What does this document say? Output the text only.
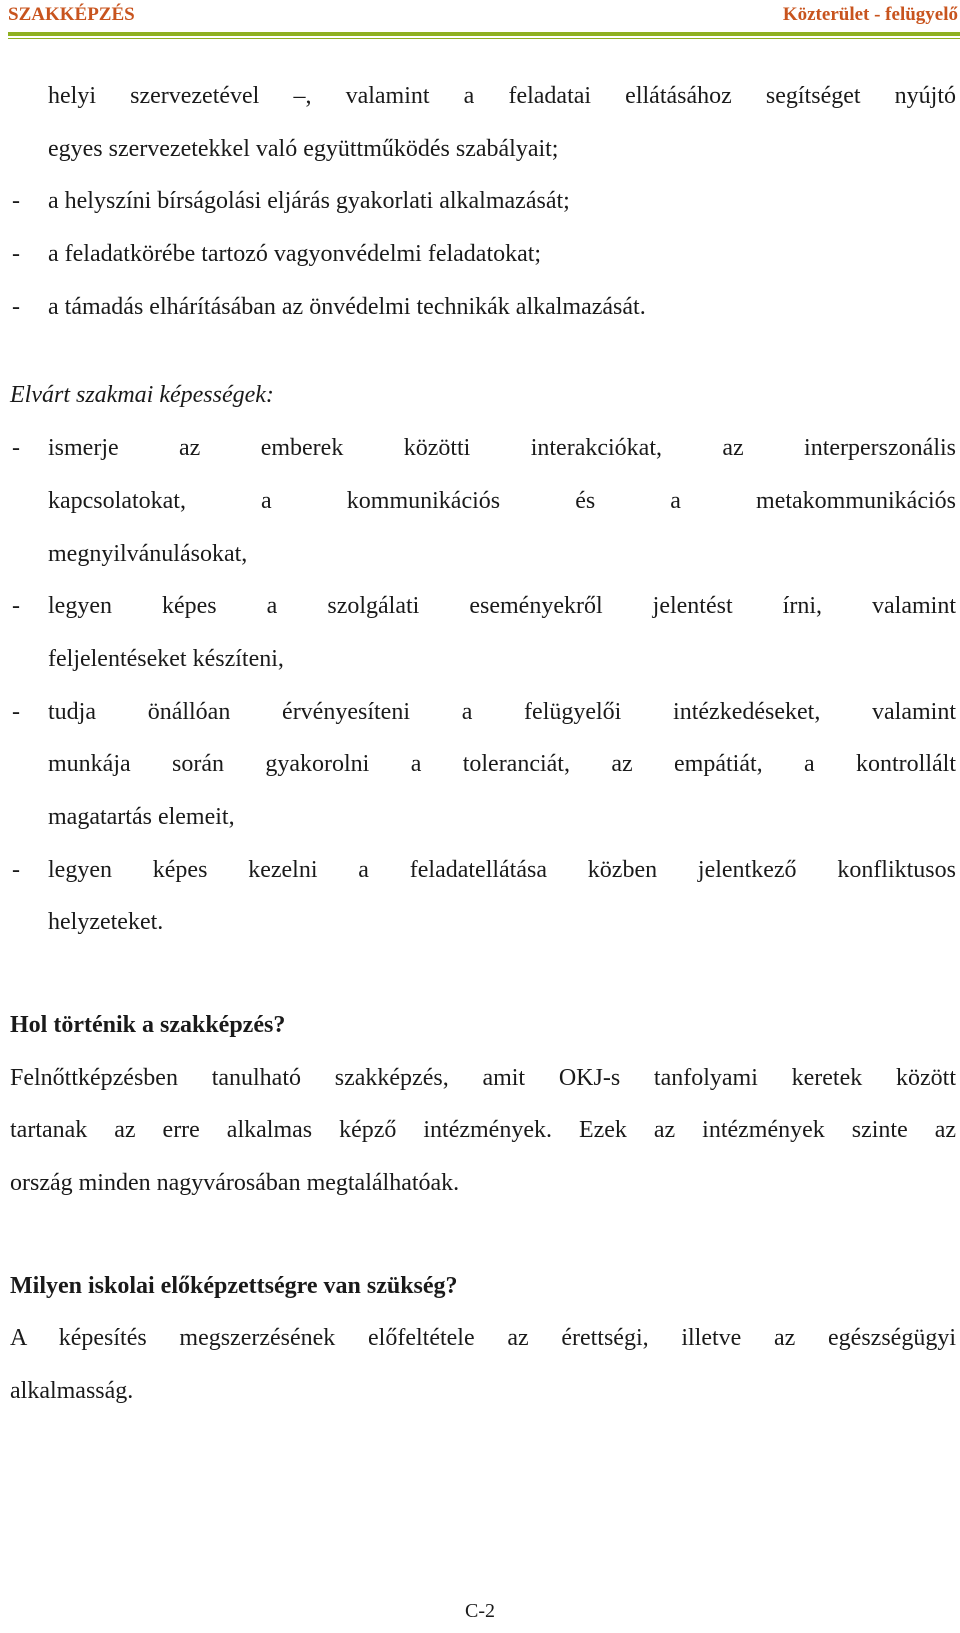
SZAKKÉPZÉS	Közterület - felügyelő
helyi szervezetével –, valamint a feladatai ellátásához segítséget nyújtó
egyes szervezetekkel való együttműködés szabályait;
- a helyszíni bírságolási eljárás gyakorlati alkalmazását;
- a feladatkörébe tartozó vagyonvédelmi feladatokat;
- a támadás elhárításában az önvédelmi technikák alkalmazását.
Elvárt szakmai képességek:
- ismerje az emberek közötti interakciókat, az interperszonális
kapcsolatokat, a kommunikációs és a metakommunikációs
megnyilvánulásokat,
- legyen képes a szolgálati eseményekről jelentést írni, valamint
feljelentéseket készíteni,
- tudja önállóan érvényesíteni a felügyelői intézkedéseket, valamint
munkája során gyakorolni a toleranciát, az empátiát, a kontrollált
magatartás elemeit,
- legyen képes kezelni a feladatellátása közben jelentkező konfliktusos
helyzeteket.
Hol történik a szakképzés?
Felnőttképzésben tanulható szakképzés, amit OKJ-s tanfolyami keretek között
tartanak az erre alkalmas képző intézmények. Ezek az intézmények szinte az
ország minden nagyvárosában megtalálhatóak.
Milyen iskolai előképzettségre van szükség?
A képesítés megszerzésének előfeltétele az érettségi, illetve az egészségügyi
alkalmasság.
C-2
